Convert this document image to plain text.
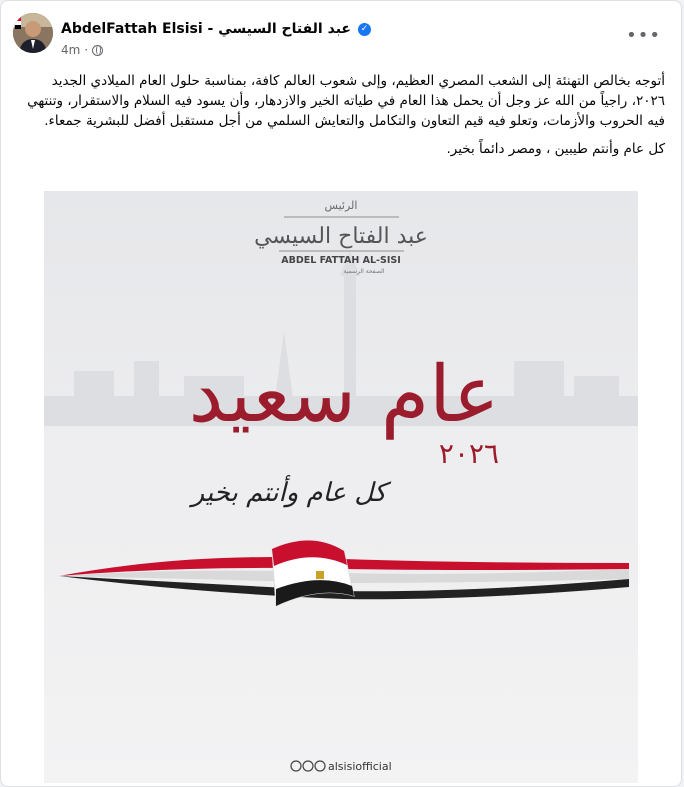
AbdelFattah Elsisi - عبد الفتاح السيسي	✓
4m ·
•••

أتوجه بخالص التهنئة إلى الشعب المصري العظيم، وإلى شعوب العالم كافة، بمناسبة حلول العام الميلادي الجديد ٢٠٢٦، راجياً من الله عز وجل أن يحمل هذا العام في طياته الخير والازدهار، وأن يسود فيه السلام والاستقرار، وتنتهي فيه الحروب والأزمات، وتعلو فيه قيم التعاون والتكامل والتعايش السلمي من أجل مستقبل أفضل للبشرية جمعاء.

كل عام وأنتم طيبين ، ومصر دائماً بخير.

الرئيس
عبد الفتاح السيسي
ABDEL FATTAH AL-SISI
الصفحة الرسمية
عام سعيد
٢٠٢٦
كل عام وأنتم بخير
alsisiofficial
